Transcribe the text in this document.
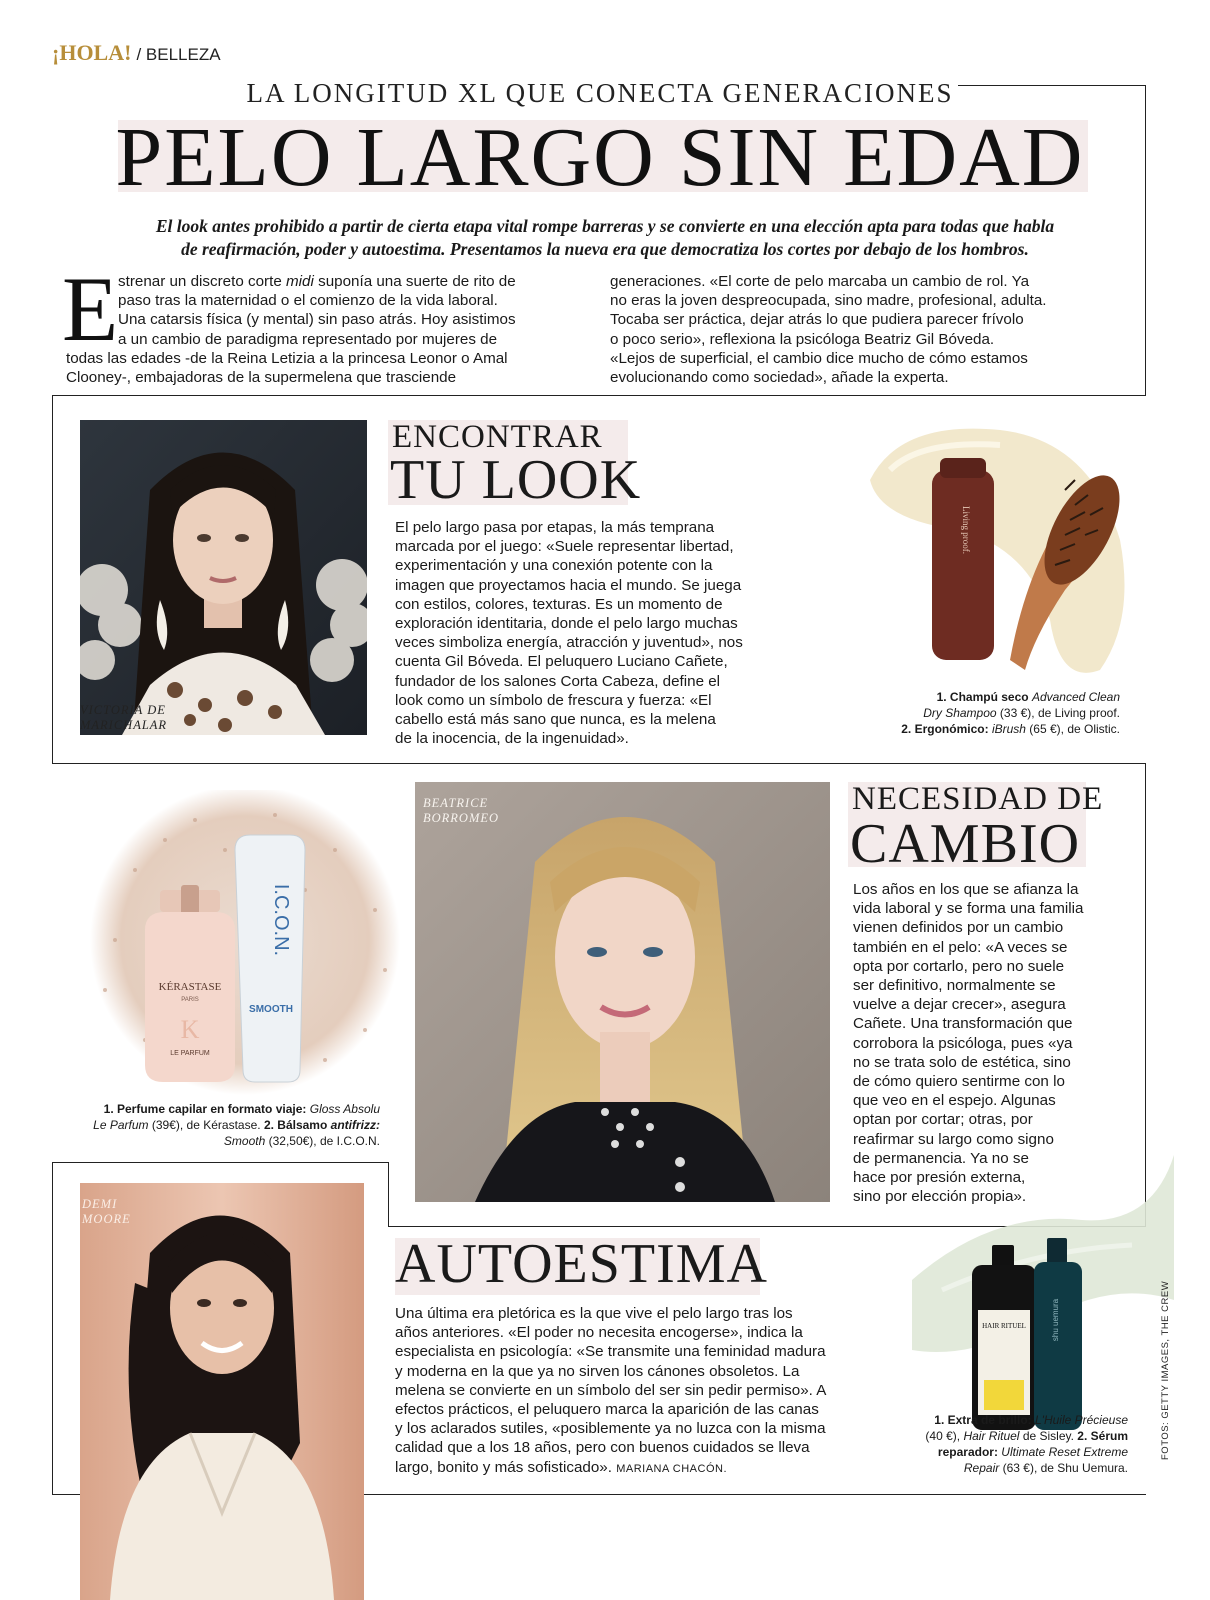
¡HOLA! / BELLEZA
LA LONGITUD XL QUE CONECTA GENERACIONES
PELO LARGO SIN EDAD
El look antes prohibido a partir de cierta etapa vital rompe barreras y se convierte en una elección apta para todas que habla
de reafirmación, poder y autoestima. Presentamos la nueva era que democratiza los cortes por debajo de los hombros.
E strenar un discreto corte midi suponía una suerte de rito de

paso tras la maternidad o el comienzo de la vida laboral.

Una catarsis física (y mental) sin paso atrás. Hoy asistimos

a un cambio de paradigma representado por mujeres de

todas las edades -de la Reina Letizia a la princesa Leonor o Amal

Clooney-, embajadoras de la supermelena que trasciende

generaciones. «El corte de pelo marcaba un cambio de rol. Ya

no eras la joven despreocupada, sino madre, profesional, adulta.

Tocaba ser práctica, dejar atrás lo que pudiera parecer frívolo

o poco serio», reflexiona la psicóloga Beatriz Gil Bóveda.

«Lejos de superficial, el cambio dice mucho de cómo estamos

evolucionando como sociedad», añade la experta.

VICTORIA DE
MARICHALAR
ENCONTRAR
TU LOOK

El pelo largo pasa por etapas, la más temprana

marcada por el juego: «Suele representar libertad,

experimentación y una conexión potente con la

imagen que proyectamos hacia el mundo. Se juega

con estilos, colores, texturas. Es un momento de

exploración identitaria, donde el pelo largo muchas

veces simboliza energía, atracción y juventud», nos

cuenta Gil Bóveda. El peluquero Luciano Cañete,

fundador de los salones Corta Cabeza, define el

look como un símbolo de frescura y fuerza: «El

cabello está más sano que nunca, es la melena

de la inocencia, de la ingenuidad».

Living proof.
1. Champú seco Advanced Clean
Dry Shampoo (33 €), de Living proof.
2. Ergonómico: iBrush (65 €), de Olistic.
KÉRASTASE
PARIS
K
LE PARFUM
I.C.O.N.
SMOOTH
1. Perfume capilar en formato viaje: Gloss Absolu
Le Parfum (39€), de Kérastase. 2. Bálsamo antifrizz:
Smooth (32,50€), de I.C.O.N.
BEATRICE
BORROMEO
NECESIDAD DE
CAMBIO

Los años en los que se afianza la

vida laboral y se forma una familia

vienen definidos por un cambio

también en el pelo: «A veces se

opta por cortarlo, pero no suele

ser definitivo, normalmente se

vuelve a dejar crecer», asegura

Cañete. Una transformación que

corrobora la psicóloga, pues «ya

no se trata solo de estética, sino

de cómo quiero sentirme con lo

que veo en el espejo. Algunas

optan por cortar; otras, por

reafirmar su largo como signo

de permanencia. Ya no se

hace por presión externa,

sino por elección propia».

DEMI
MOORE
AUTOESTIMA

Una última era pletórica es la que vive el pelo largo tras los

años anteriores. «El poder no necesita encogerse», indica la

especialista en psicología: «Se transmite una feminidad madura

y moderna en la que ya no sirven los cánones obsoletos. La

melena se convierte en un símbolo del ser sin pedir permiso». A

efectos prácticos, el peluquero marca la aparición de las canas

y los aclarados sutiles, «posiblemente ya no luzca con la misma

calidad que a los 18 años, pero con buenos cuidados se lleva

largo, bonito y más sofisticado». MARIANA CHACÓN.

HAIR RITUEL	shu uemura
1. Extra de brillo: L'Huile Précieuse
(40 €), Hair Rituel de Sisley. 2. Sérum
reparador: Ultimate Reset Extreme
Repair (63 €), de Shu Uemura.
FOTOS: GETTY IMAGES, THE CREW
